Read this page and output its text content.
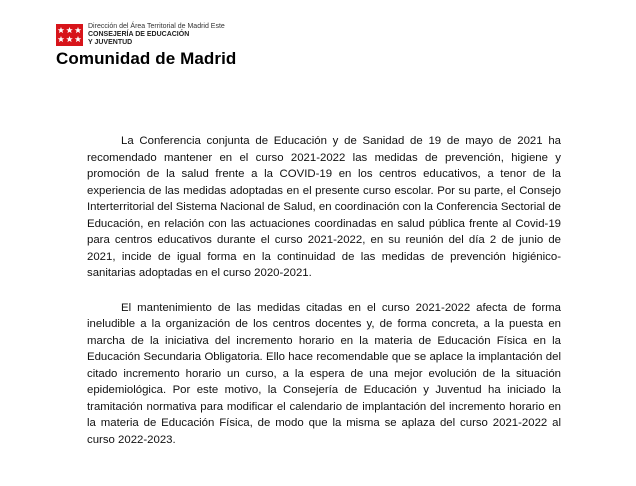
Dirección del Área Territorial de Madrid Este
CONSEJERÍA DE EDUCACIÓN
Y JUVENTUD
Comunidad de Madrid

La Conferencia conjunta de Educación y de Sanidad de 19 de mayo de 2021 ha recomendado mantener en el curso 2021-2022 las medidas de prevención, higiene y promoción de la salud frente a la COVID-19 en los centros educativos, a tenor de la experiencia de las medidas adoptadas en el presente curso escolar. Por su parte, el Consejo Interterritorial del Sistema Nacional de Salud, en coordinación con la Conferencia Sectorial de Educación, en relación con las actuaciones coordinadas en salud pública frente al Covid-19 para centros educativos durante el curso 2021-2022, en su reunión del día 2 de junio de 2021, incide de igual forma en la continuidad de las medidas de prevención higiénico-sanitarias adoptadas en el curso 2020-2021.

El mantenimiento de las medidas citadas en el curso 2021-2022 afecta de forma ineludible a la organización de los centros docentes y, de forma concreta, a la puesta en marcha de la iniciativa del incremento horario en la materia de Educación Física en la Educación Secundaria Obligatoria. Ello hace recomendable que se aplace la implantación del citado incremento horario un curso, a la espera de una mejor evolución de la situación epidemiológica. Por este motivo, la Consejería de Educación y Juventud ha iniciado la tramitación normativa para modificar el calendario de implantación del incremento horario en la materia de Educación Física, de modo que la misma se aplaza del curso 2021-2022 al curso 2022-2023.
